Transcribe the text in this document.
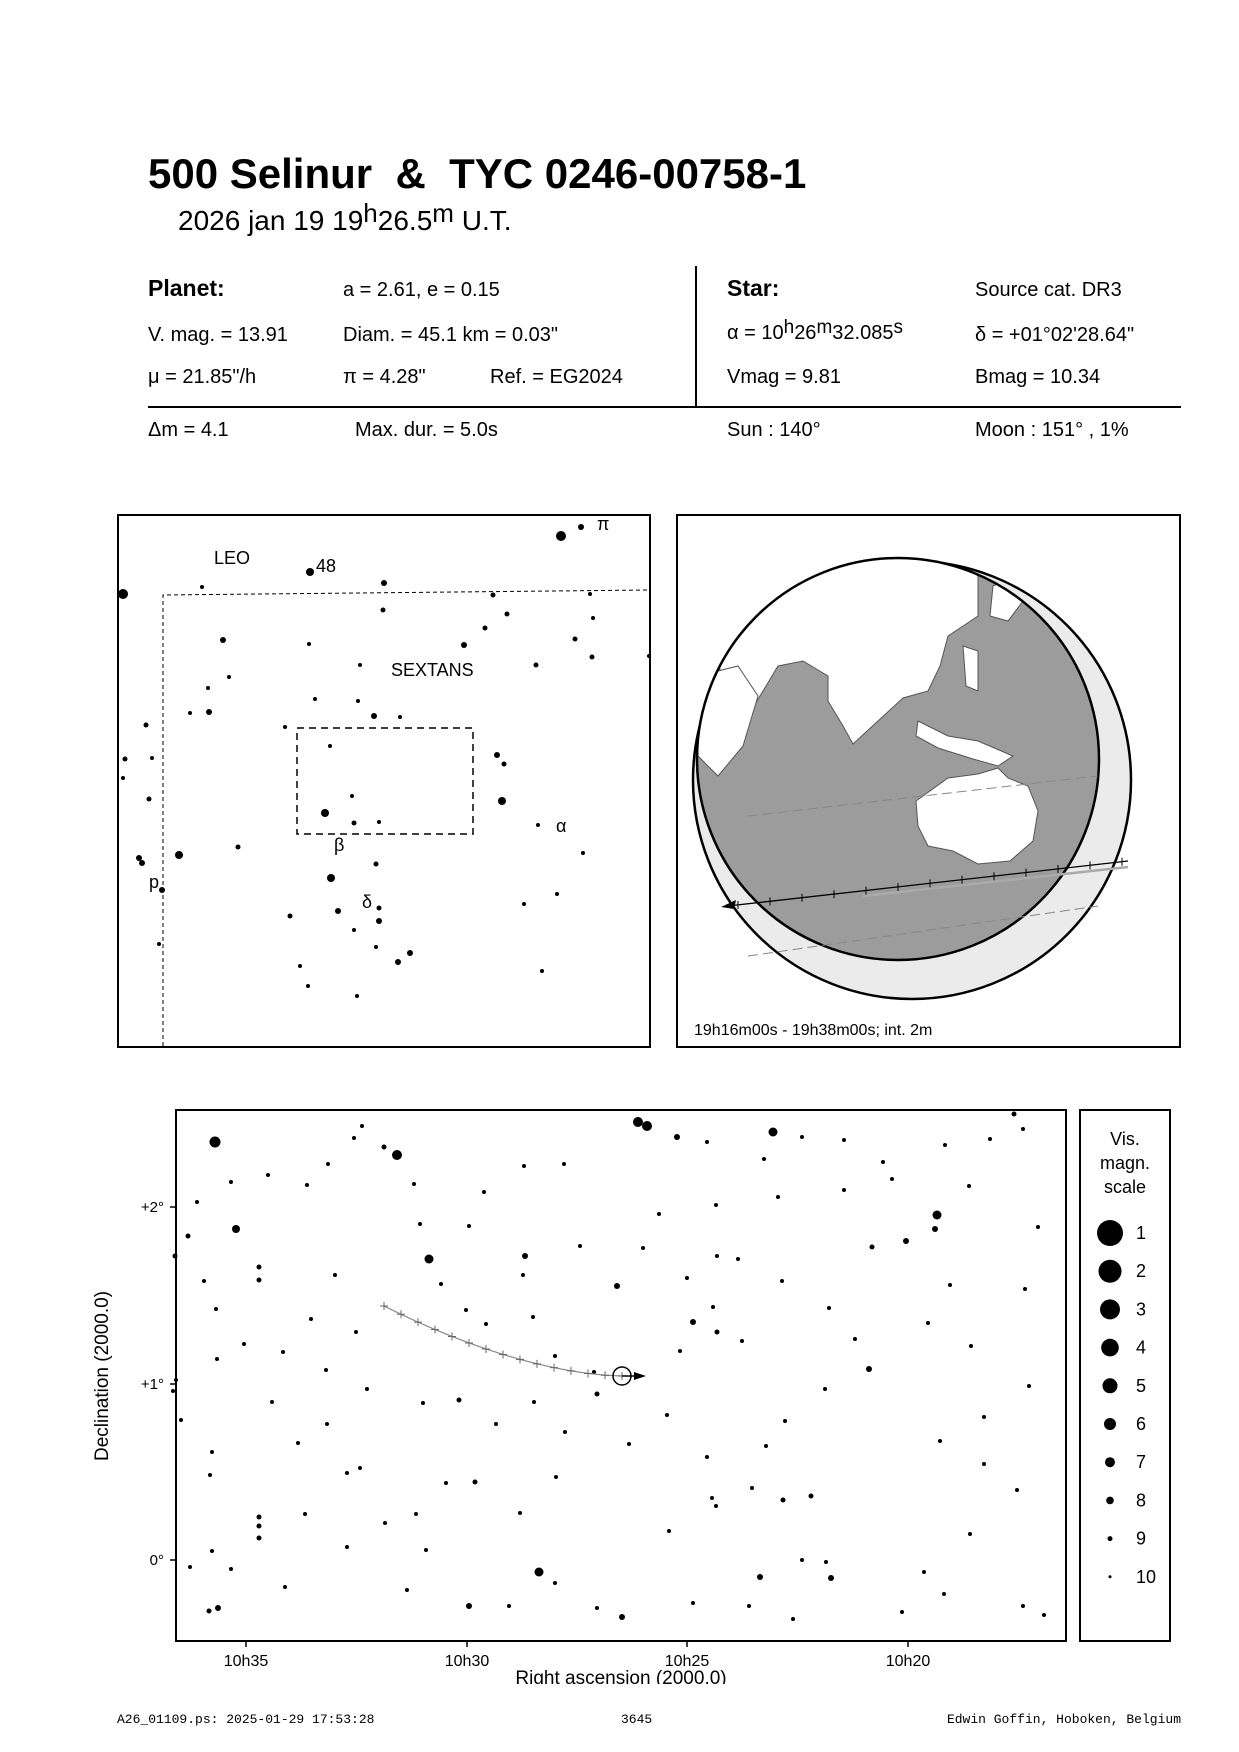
500 Selinur  &  TYC 0246-00758-1
2026 jan 19 19$^h$26.5$^m$ U.T.
Planet:	a = 2.61, e = 0.15
V. mag. = 13.91	Diam. = 45.1 km = 0.03"
μ = 21.85"/h	π = 4.28"	Ref. = EG2024
Star:	Source cat. DR3
$\alpha = 10^h26^m32.085^s$	δ = +01°02'28.64"
Vmag = 9.81	Bmag = 10.34
Δm = 4.1	Max. dur. = 5.0s	Sun : 140°	Moon : 151° , 1%
LEO	48
SEXTANS
π
α
β
δ
p
19h16m00s - 19h38m00s; int. 2m
+2°
+1°
0°
10h35	10h30	10h25	10h20
Right ascension (2000.0)
Declination (2000.0)
Vis.
magn.
scale
1
2
3
4
5
6
7
8
9
10
A26_01109.ps: 2025-01-29 17:53:28	3645	Edwin Goffin, Hoboken, Belgium
